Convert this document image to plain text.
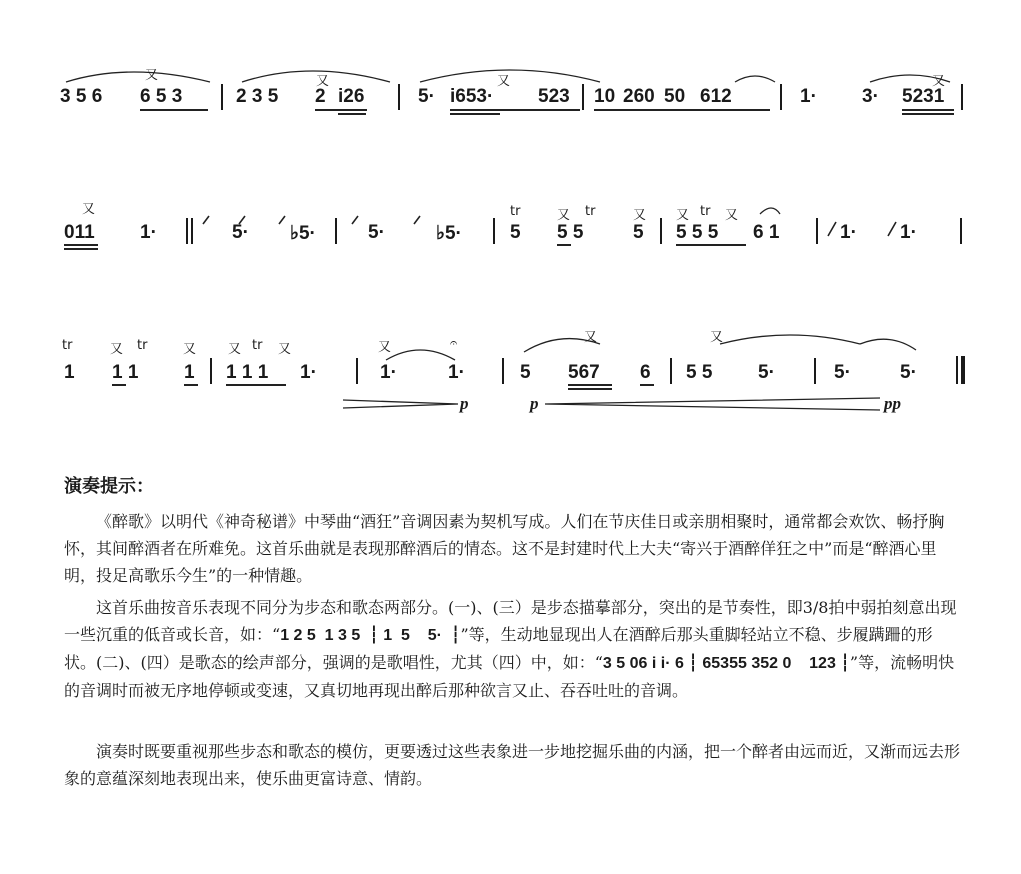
又	又	又	又
3 5 6 6 5 3	2 3 5 2 i26	5· i653· 523 10 260 50 612	1· 3· 5231
又	tr	又 tr	又 又 tr 又
011 1·	5· ♭5·	5·	♭5·	5 5 5	5 5 5 5 6 1	1· 1·
tr	又 tr	又 又 tr 又	又	𝄐	又	又
1 1 1 1 1 1 1 1·	1·	1·	5 567 6 5 5 5·	5·	5·
p	p	pp
演奏提示：

《醉歌》以明代《神奇秘谱》中琴曲“酒狂”音调因素为契机写成。人们在节庆佳日或亲朋相聚时，通常都会欢饮、畅抒胸怀，其间醉酒者在所难免。这首乐曲就是表现那醉酒后的情态。这不是封建时代上大夫“寄兴于酒醉佯狂之中”而是“醉酒心里明，投足高歌乐今生”的一种情趣。

这首乐曲按音乐表现不同分为步态和歌态两部分。(一)、(三）是步态描摹部分，突出的是节奏性，即3/8拍中弱拍刻意出现一些沉重的低音或长音，如：“1 2 5  1 3 5  ┆ 1  5    5·  ┆”等，生动地显现出人在酒醉后那头重脚轻站立不稳、步履蹒跚的形状。(二)、(四）是歌态的绘声部分，强调的是歌唱性，尤其（四）中，如：“3 5 06 i i· 6 ┆ 65355 352 0    123 ┆”等，流畅明快的音调时而被无序地停顿或变速，又真切地再现出醉后那种欲言又止、吞吞吐吐的音调。

演奏时既要重视那些步态和歌态的模仿，更要透过这些表象进一步地挖掘乐曲的内涵，把一个醉者由远而近，又渐而远去形象的意蕴深刻地表现出来，使乐曲更富诗意、情韵。
